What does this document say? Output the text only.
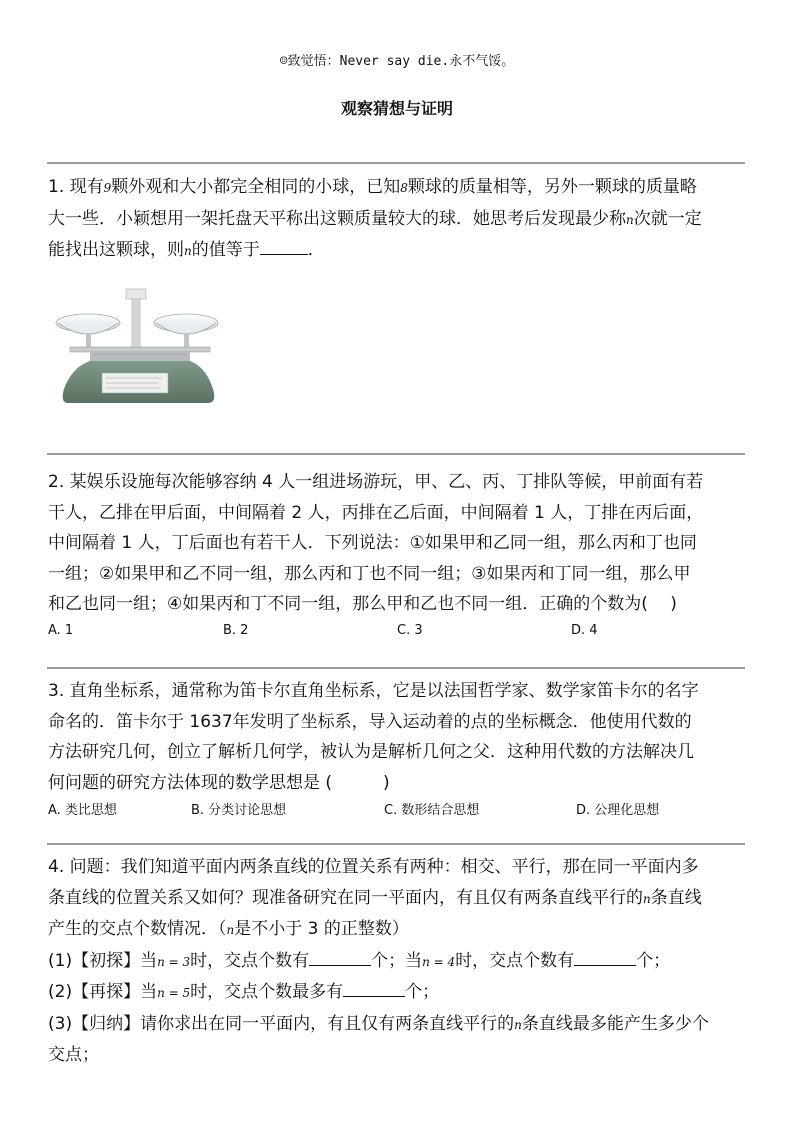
☺致觉悟：Never say die.永不气馁。
观察猜想与证明

1. 现有9颗外观和大小都完全相同的小球，已知8颗球的质量相等，另外一颗球的质量略

大一些．小颖想用一架托盘天平称出这颗质量较大的球．她思考后发现最少称n次就一定

能找出这颗球，则n的值等于	．

2. 某娱乐设施每次能够容纳 4 人一组进场游玩，甲、乙、丙、丁排队等候，甲前面有若

干人，乙排在甲后面，中间隔着 2 人，丙排在乙后面，中间隔着 1 人，丁排在丙后面，

中间隔着 1 人，丁后面也有若干人．下列说法：①如果甲和乙同一组，那么丙和丁也同

一组；②如果甲和乙不同一组，那么丙和丁也不同一组；③如果丙和丁同一组，那么甲

和乙也同一组；④如果丙和丁不同一组，那么甲和乙也不同一组．正确的个数为(　 )

A. 1	B. 2	C. 3	D. 4

3. 直角坐标系，通常称为笛卡尔直角坐标系，它是以法国哲学家、数学家笛卡尔的名字

命名的．笛卡尔于 1637年发明了坐标系，导入运动着的点的坐标概念．他使用代数的

方法研究几何，创立了解析几何学，被认为是解析几何之父．这种用代数的方法解决几

何问题的研究方法体现的数学思想是 (　　　)

A. 类比思想	B. 分类讨论思想	C. 数形结合思想	D. 公理化思想

4. 问题：我们知道平面内两条直线的位置关系有两种：相交、平行，那在同一平面内多

条直线的位置关系又如何？现准备研究在同一平面内，有且仅有两条直线平行的n条直线

产生的交点个数情况．（n是不小于 3 的正整数）

(1)【初探】当n = 3时，交点个数有	个；当n = 4时，交点个数有	个；

(2)【再探】当n = 5时，交点个数最多有	个；

(3)【归纳】请你求出在同一平面内，有且仅有两条直线平行的n条直线最多能产生多少个

交点；
